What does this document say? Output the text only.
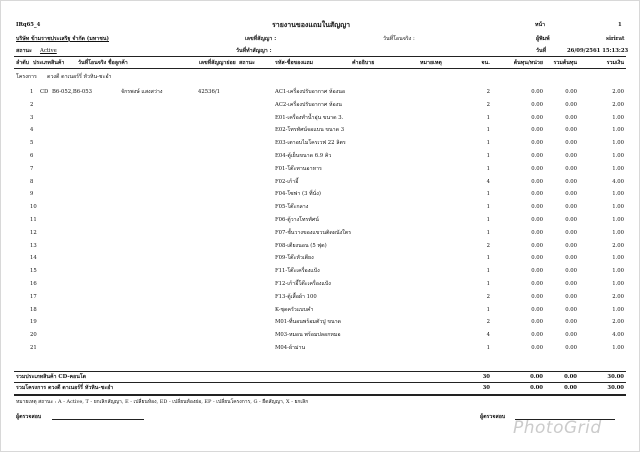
IRq65_4	รายงานของแถมในสัญญา	หน้า	1
บริษัท ข้ามราชประเสริฐ จำกัด (มหาชน)	เลขที่สัญญา :	วันที่โอนจริง :	ผู้พิมพ์	sirirat
สถานะ Active	วันที่ทำสัญญา :	วันที่	26/09/2561 15:13:23
ลำดับ ประเภท สินค้า	วันที่โอนจริง ชื่อลูกค้า	เลขที่สัญญาย่อย สถานะ	รหัส-ชื่อของแถม	คำอธิบาย	หมายเหตุ	จน.	ต้นทุน/หน่วย	รวมต้นทุน	รวมเงิน
โครงการ ดวงดี ดาเนอร์รี่ หัวหิน-ชะอำ
CD B6-052,B6-053	จักรพงษ์ แสงสว่าง	42536/1
1	AC1-เครื่องปรับอากาศ ห้องนอ	2	0.00	0.00	2.00
2	AC2-เครื่องปรับอากาศ ห้องน	2	0.00	0.00	2.00
3	E01-เครื่องทำน้ำอุ่น ขนาด 3.	1	0.00	0.00	1.00
4	E02-โทรทัศน์จอแบน ขนาด 3	1	0.00	0.00	1.00
5	E03-เตาอบไมโครเวฟ 22 ลิตร	1	0.00	0.00	1.00
6	E04-ตู้เย็นขนาด 6.9 คิว	1	0.00	0.00	1.00
7	F01-โต๊ะทานอาหาร	1	0.00	0.00	1.00
8	F02-เก้าอี้	4	0.00	0.00	4.00
9	F04-โซฟา (3 ที่นั่ง)	1	0.00	0.00	1.00
10	F05-โต๊ะกลาง	1	0.00	0.00	1.00
11	F06-ตู้วางโทรทัศน์	1	0.00	0.00	1.00
12	F07-ชั้นวางของแขวนติดผนังใตร	1	0.00	0.00	1.00
13	F08-เตียงนอน (5 ฟุต)	2	0.00	0.00	2.00
14	F09-โต๊ะหัวเตียง	1	0.00	0.00	1.00
15	F11-โต๊ะเครื่องแป้ง	1	0.00	0.00	1.00
16	F12-เก้าอี้โต๊ะเครื่องแป้ง	1	0.00	0.00	1.00
17	F13-ตู้เสื้อผ้า 100	2	0.00	0.00	2.00
18	K-ชุดครัวแบบคำ	1	0.00	0.00	1.00
19	M01-ที่นอนพร้อมตัวปู ขนาด	2	0.00	0.00	2.00
20	M03-หมอน พร้อมปลอกหมอ	4	0.00	0.00	4.00
21	M04-ผ้าม่าน	1	0.00	0.00	1.00
รวมประเภทสินค้า CD-คอนโด	30	0.00	0.00	30.00
รวมโครงการ ดวงดี ดาเนอร์รี่ หัวหิน-ชะอำ	30	0.00	0.00	30.00
หมายเหตุ สถานะ : A - Active, T - ยกเลิกสัญญา, E - เปลี่ยนห้อง, ED - เปลี่ยนห้องย่อ, EP - เปลี่ยนโครงการ, G - ยืดสัญญา, X - ยกเลิก
ผู้ตรวจสอบ	ผู้ตรวจสอบ
PhotoGrid
